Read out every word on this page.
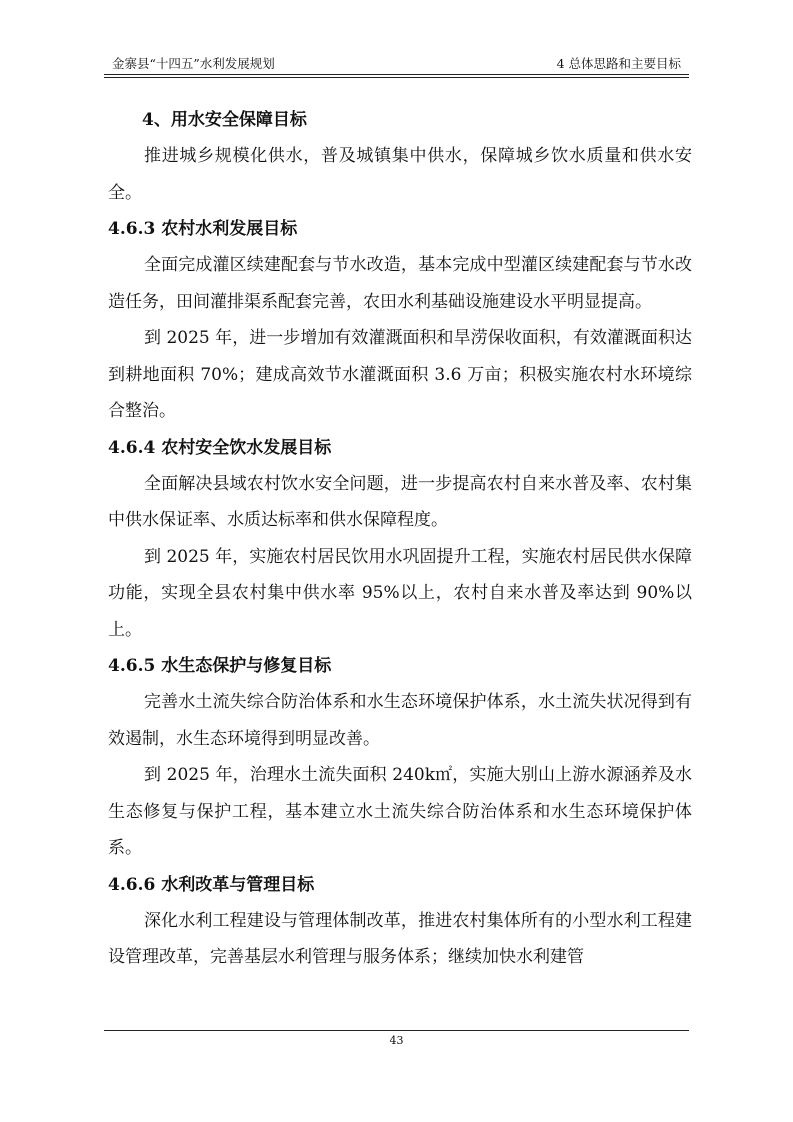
金寨县“十四五”水利发展规划	4 总体思路和主要目标

4、用水安全保障目标

推进城乡规模化供水，普及城镇集中供水，保障城乡饮水质量和供水安全。

4.6.3 农村水利发展目标

全面完成灌区续建配套与节水改造，基本完成中型灌区续建配套与节水改造任务，田间灌排渠系配套完善，农田水利基础设施建设水平明显提高。

到 2025 年，进一步增加有效灌溉面积和旱涝保收面积，有效灌溉面积达到耕地面积 70%；建成高效节水灌溉面积 3.6 万亩；积极实施农村水环境综合整治。

4.6.4 农村安全饮水发展目标

全面解决县域农村饮水安全问题，进一步提高农村自来水普及率、农村集中供水保证率、水质达标率和供水保障程度。

到 2025 年，实施农村居民饮用水巩固提升工程，实施农村居民供水保障功能，实现全县农村集中供水率 95%以上，农村自来水普及率达到 90%以上。

4.6.5 水生态保护与修复目标

完善水土流失综合防治体系和水生态环境保护体系，水土流失状况得到有效遏制，水生态环境得到明显改善。

到 2025 年，治理水土流失面积 240k㎡，实施大别山上游水源涵养及水生态修复与保护工程，基本建立水土流失综合防治体系和水生态环境保护体系。

4.6.6 水利改革与管理目标

深化水利工程建设与管理体制改革，推进农村集体所有的小型水利工程建设管理改革，完善基层水利管理与服务体系；继续加快水利建管

43
